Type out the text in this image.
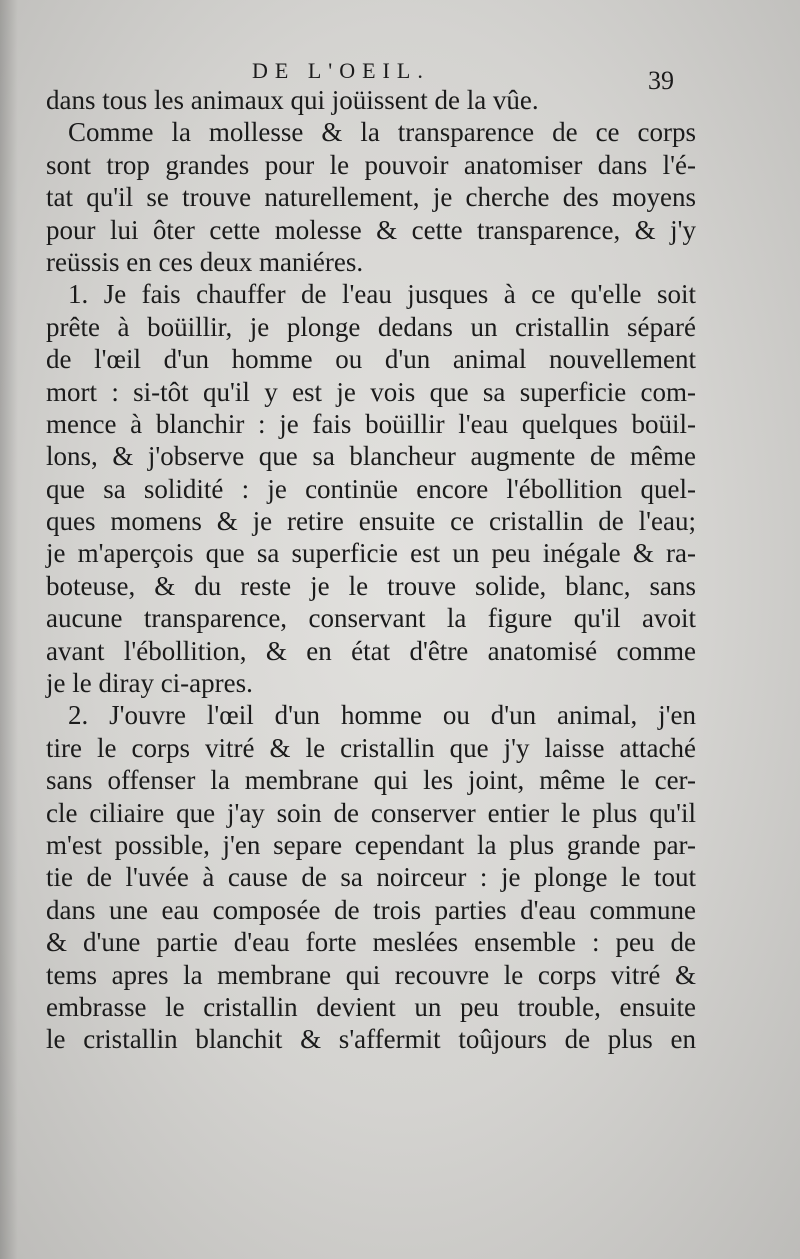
DE L'OEIL.	39
dans tous les animaux qui joüissent de la vûe.
Comme la mollesse & la transparence de ce corps
sont trop grandes pour le pouvoir anatomiser dans l'é-
tat qu'il se trouve naturellement, je cherche des moyens
pour lui ôter cette molesse & cette transparence, & j'y
reüssis en ces deux maniéres.
1. Je fais chauffer de l'eau jusques à ce qu'elle soit
prête à boüillir, je plonge dedans un cristallin séparé
de l'œil d'un homme ou d'un animal nouvellement
mort : si-tôt qu'il y est je vois que sa superficie com-
mence à blanchir : je fais boüillir l'eau quelques boüil-
lons, & j'observe que sa blancheur augmente de même
que sa solidité : je continüe encore l'ébollition quel-
ques momens & je retire ensuite ce cristallin de l'eau;
je m'aperçois que sa superficie est un peu inégale & ra-
boteuse, & du reste je le trouve solide, blanc, sans
aucune transparence, conservant la figure qu'il avoit
avant l'ébollition, & en état d'être anatomisé comme
je le diray ci-apres.
2. J'ouvre l'œil d'un homme ou d'un animal, j'en
tire le corps vitré & le cristallin que j'y laisse attaché
sans offenser la membrane qui les joint, même le cer-
cle ciliaire que j'ay soin de conserver entier le plus qu'il
m'est possible, j'en separe cependant la plus grande par-
tie de l'uvée à cause de sa noirceur : je plonge le tout
dans une eau composée de trois parties d'eau commune
& d'une partie d'eau forte meslées ensemble : peu de
tems apres la membrane qui recouvre le corps vitré &
embrasse le cristallin devient un peu trouble, ensuite
le cristallin blanchit & s'affermit toûjours de plus en
